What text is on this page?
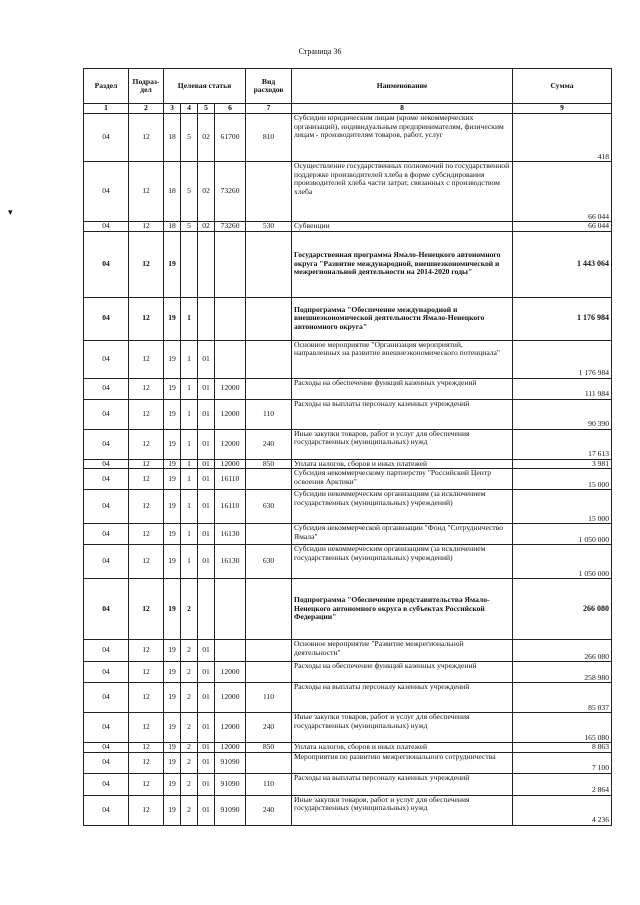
Страница 36
▾
Раздел	Подраз-дел	Целевая статья				Вид расходов	Наименование	Сумма
1	2	3	4	5	6	7	8	9
04	12	18	5	02	61700	810	Субсидии юридическим лицам (кроме некоммерческих организаций), индивидуальным предпринимателям, физическим лицам - производителям товаров, работ, услуг	418
04	12	18	5	02	73260		Осуществление государственных полномочий по государственной поддержке производителей хлеба в форме субсидирования производителей хлеба части затрат, связанных с производством хлеба	66 044
04	12	18	5	02	73260	530	Субвенции	66 044
04	12	19					Государственная программа Ямало-Ненецкого автономного округа "Развитие международной, внешнеэкономической и межрегиональной деятельности на 2014-2020 годы"	1 443 064
04	12	19	1				Подпрограмма "Обеспечение международной и внешнеэкономической деятельности Ямало-Ненецкого автономного округа"	1 176 984
04	12	19	1	01			Основное мероприятие "Организация мероприятий, направленных на развитие внешнеэкономического потенциала"	1 176 984
04	12	19	1	01	12000		Расходы на обеспечение функций казенных учреждений	111 984
04	12	19	1	01	12000	110	Расходы на выплаты персоналу казенных учреждений	90 390
04	12	19	1	01	12000	240	Иные закупки товаров, работ и услуг для обеспечения государственных (муниципальных) нужд	17 613
04	12	19	1	01	12000	850	Уплата налогов, сборов и иных платежей	3 981
04	12	19	1	01	16110		Субсидия некоммерческому партнерству "Российский Центр освоения Арктики"	15 000
04	12	19	1	01	16110	630	Субсидии некоммерческим организациям (за исключением государственных (муниципальных) учреждений)	15 000
04	12	19	1	01	16130		Субсидия некоммерческой организации "Фонд "Сотрудничество Ямала"	1 050 000
04	12	19	1	01	16130	630	Субсидии некоммерческим организациям (за исключением государственных (муниципальных) учреждений)	1 050 000
04	12	19	2				Подпрограмма "Обеспечение представительства Ямало-Ненецкого автономного округа в субъектах Российской Федерации"	266 080
04	12	19	2	01			Основное мероприятие "Развитие межрегиональной деятельности"	266 080
04	12	19	2	01	12000		Расходы на обеспечение функций казенных учреждений	258 980
04	12	19	2	01	12000	110	Расходы на выплаты персоналу казенных учреждений	85 037
04	12	19	2	01	12000	240	Иные закупки товаров, работ и услуг для обеспечения государственных (муниципальных) нужд	165 080
04	12	19	2	01	12000	850	Уплата налогов, сборов и иных платежей	8 863
04	12	19	2	01	91090		Мероприятия по развитию межрегионального сотрудничества	7 100
04	12	19	2	01	91090	110	Расходы на выплаты персоналу казенных учреждений	2 864
04	12	19	2	01	91090	240	Иные закупки товаров, работ и услуг для обеспечения государственных (муниципальных) нужд	4 236
